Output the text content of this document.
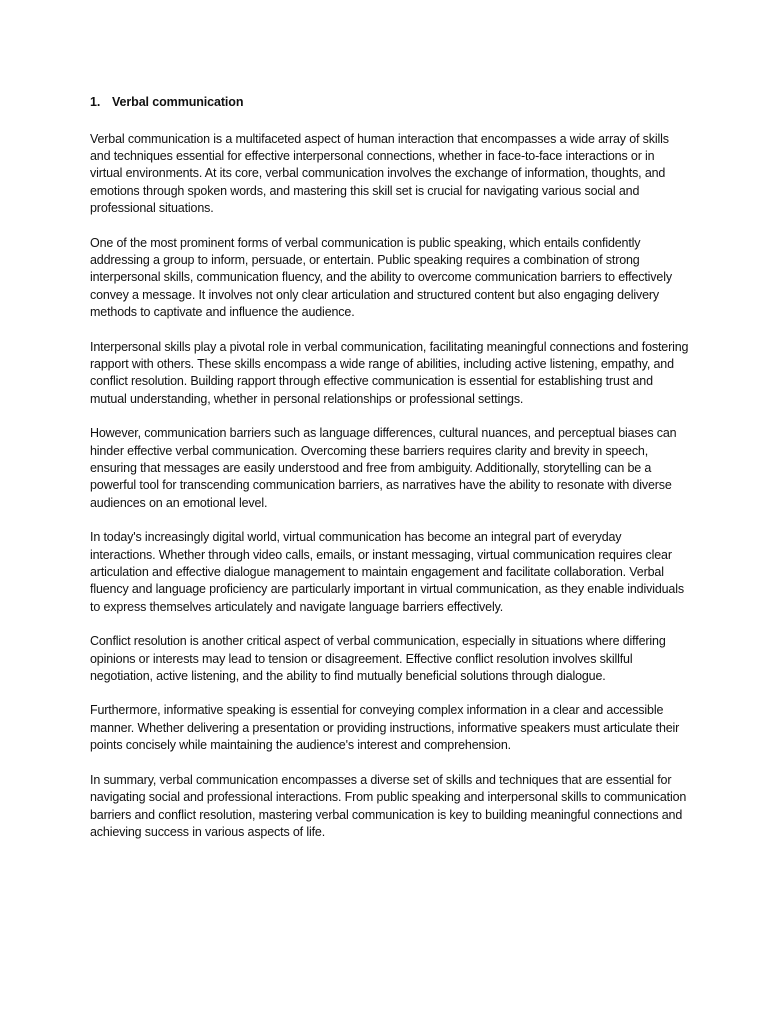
1. Verbal communication

Verbal communication is a multifaceted aspect of human interaction that encompasses a wide array of skills and techniques essential for effective interpersonal connections, whether in face-to-face interactions or in virtual environments. At its core, verbal communication involves the exchange of information, thoughts, and emotions through spoken words, and mastering this skill set is crucial for navigating various social and professional situations.

One of the most prominent forms of verbal communication is public speaking, which entails confidently addressing a group to inform, persuade, or entertain. Public speaking requires a combination of strong interpersonal skills, communication fluency, and the ability to overcome communication barriers to effectively convey a message. It involves not only clear articulation and structured content but also engaging delivery methods to captivate and influence the audience.

Interpersonal skills play a pivotal role in verbal communication, facilitating meaningful connections and fostering rapport with others. These skills encompass a wide range of abilities, including active listening, empathy, and conflict resolution. Building rapport through effective communication is essential for establishing trust and mutual understanding, whether in personal relationships or professional settings.

However, communication barriers such as language differences, cultural nuances, and perceptual biases can hinder effective verbal communication. Overcoming these barriers requires clarity and brevity in speech, ensuring that messages are easily understood and free from ambiguity. Additionally, storytelling can be a powerful tool for transcending communication barriers, as narratives have the ability to resonate with diverse audiences on an emotional level.

In today's increasingly digital world, virtual communication has become an integral part of everyday interactions. Whether through video calls, emails, or instant messaging, virtual communication requires clear articulation and effective dialogue management to maintain engagement and facilitate collaboration. Verbal fluency and language proficiency are particularly important in virtual communication, as they enable individuals to express themselves articulately and navigate language barriers effectively.

Conflict resolution is another critical aspect of verbal communication, especially in situations where differing opinions or interests may lead to tension or disagreement. Effective conflict resolution involves skillful negotiation, active listening, and the ability to find mutually beneficial solutions through dialogue.

Furthermore, informative speaking is essential for conveying complex information in a clear and accessible manner. Whether delivering a presentation or providing instructions, informative speakers must articulate their points concisely while maintaining the audience's interest and comprehension.

In summary, verbal communication encompasses a diverse set of skills and techniques that are essential for navigating social and professional interactions. From public speaking and interpersonal skills to communication barriers and conflict resolution, mastering verbal communication is key to building meaningful connections and achieving success in various aspects of life.
